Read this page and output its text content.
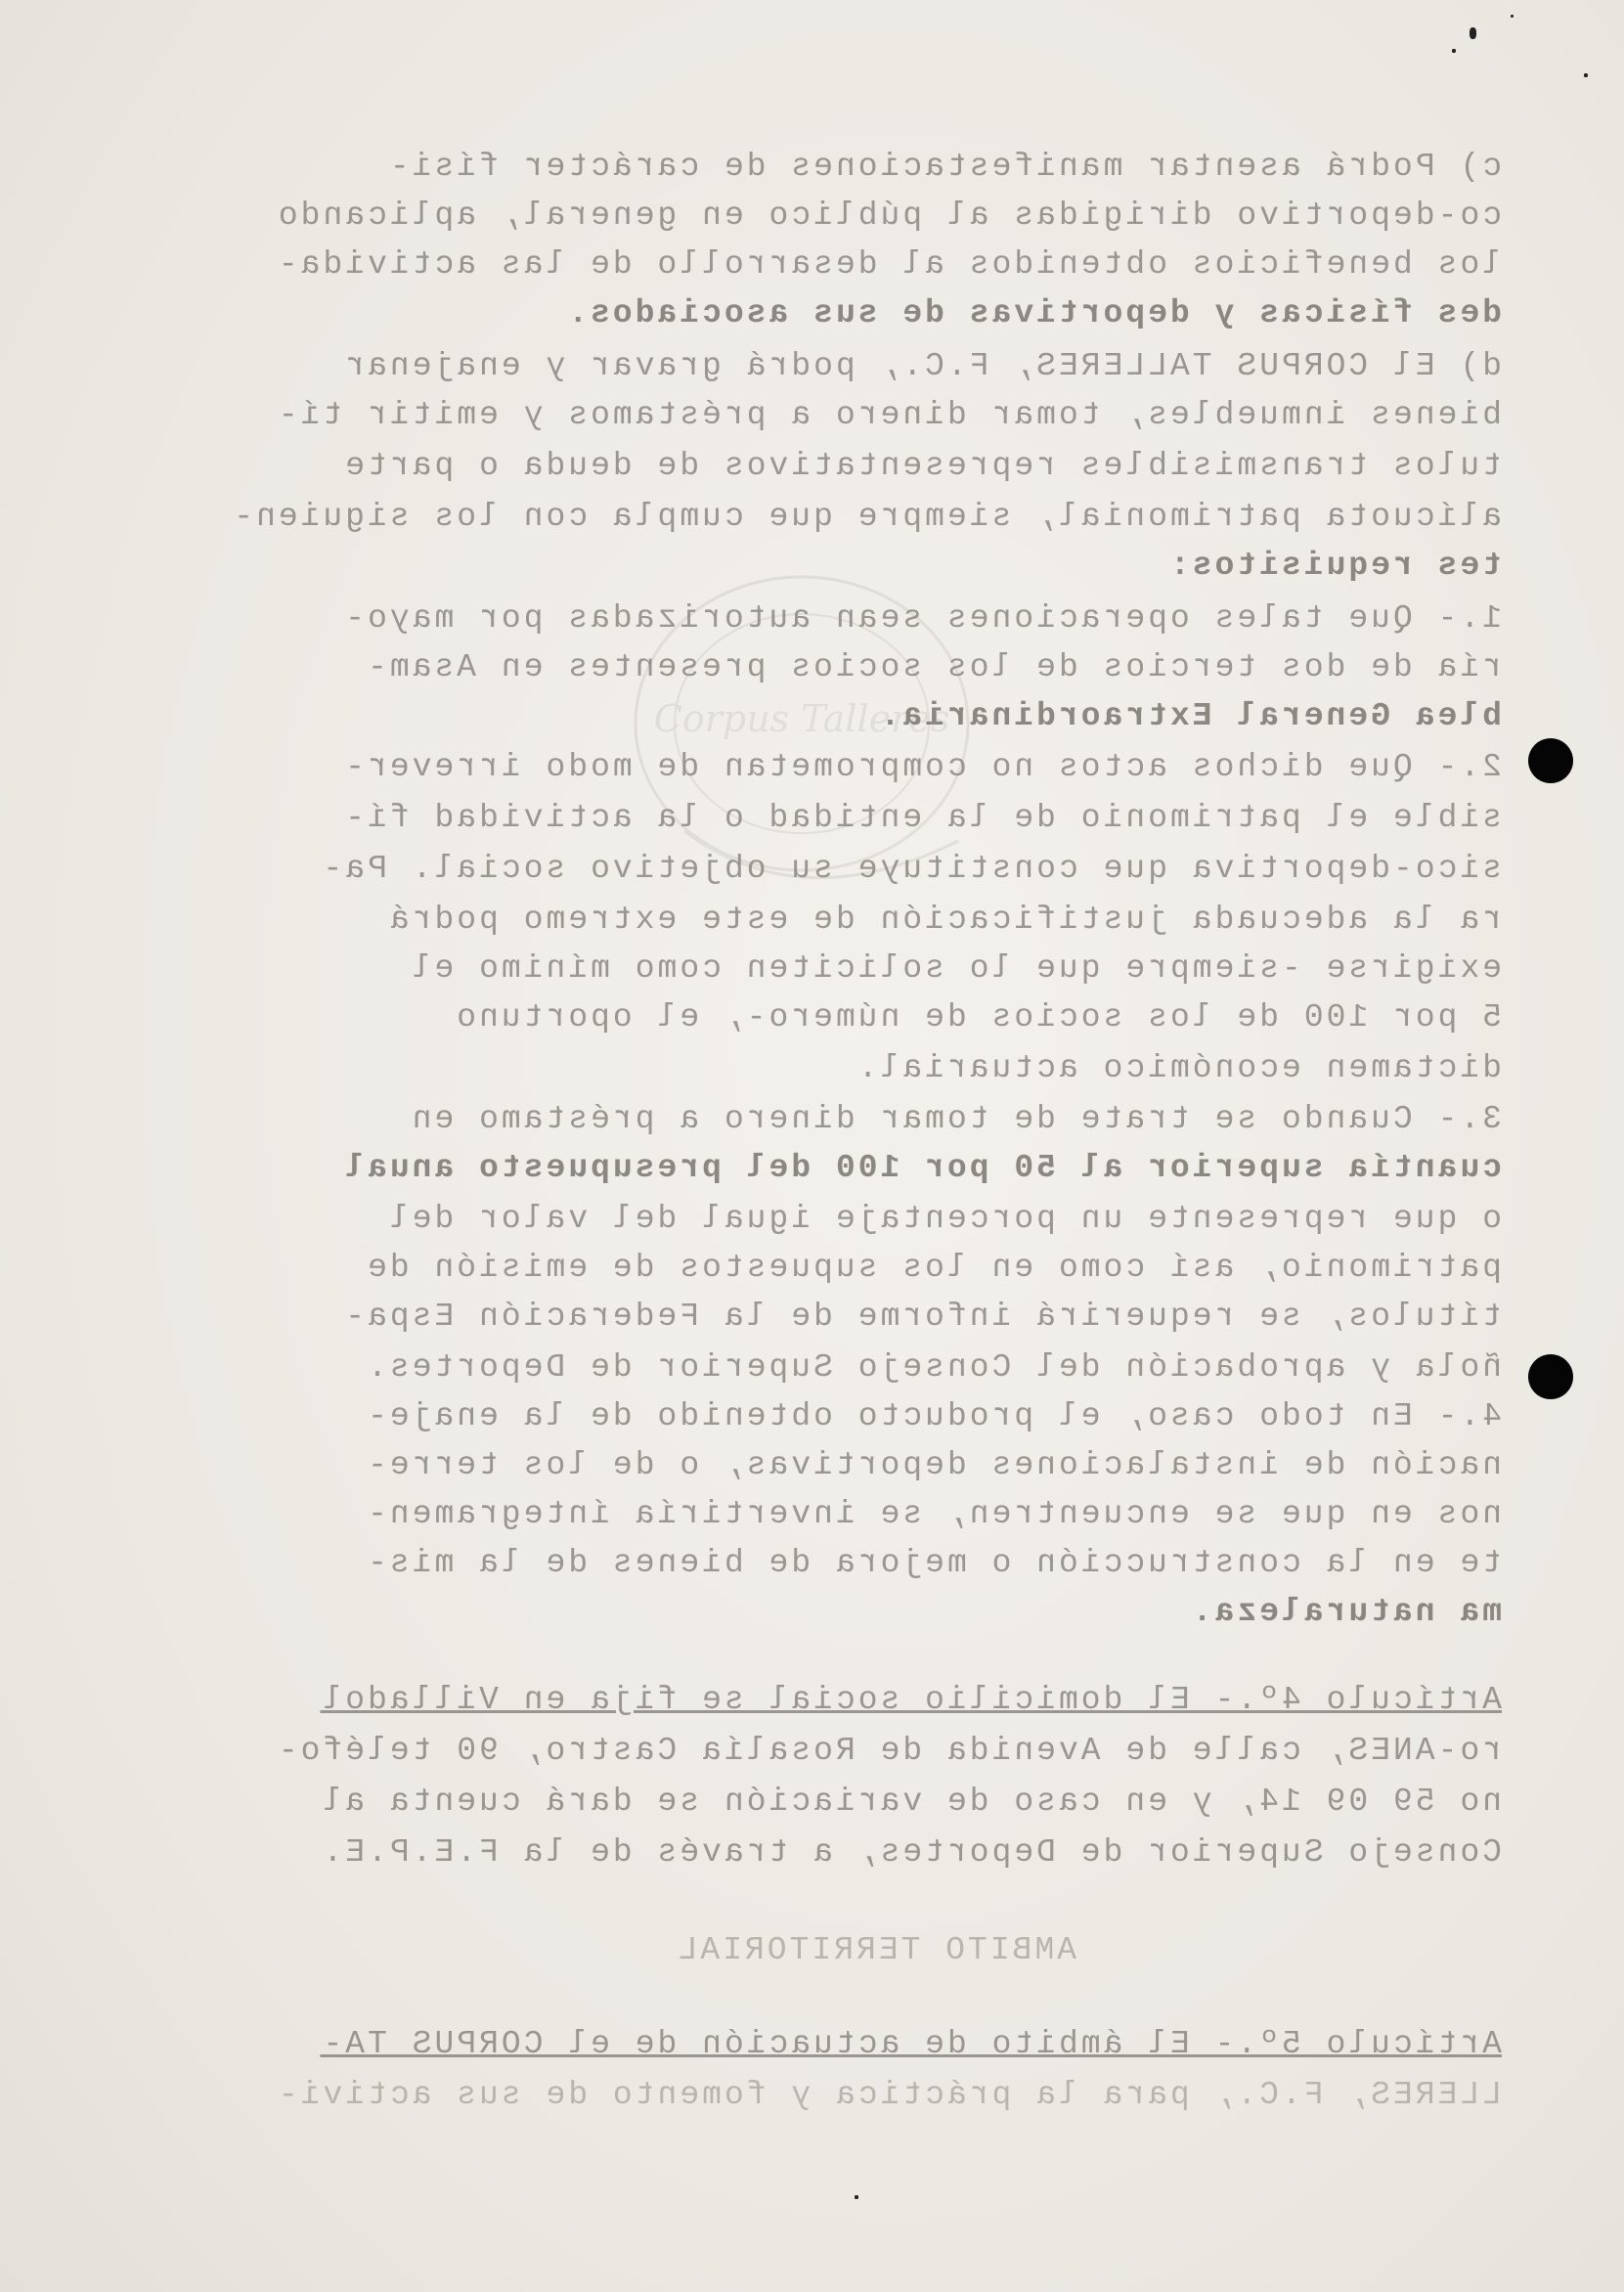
Corpus Talleres
c) Podrá asentar manifestaciones de carácter físi-
co-deportivo dirigidas al público en general, aplicando
los beneficios obtenidos al desarrollo de las activida-
des físicas y deportivas de sus asociados.
d) El CORPUS TALLERES, F.C., podrá gravar y enajenar
bienes inmuebles, tomar dinero a préstamos y emitir tí-
tulos transmisibles representativos de deuda o parte
alícuota patrimonial, siempre que cumpla con los siguien-
tes requisitos:
1.- Que tales operaciones sean autorizadas por mayo-
ría de dos tercios de los socios presentes en Asam-
blea General Extraordinaria.
2.- Que dichos actos no comprometan de modo irrever-
sible el patrimonio de la entidad o la actividad fí-
sico-deportiva que constituye su objetivo social. Pa-
ra la adecuada justificación de este extremo podrá
exigirse -siempre que lo soliciten como mínimo el
5 por 100 de los socios de número-, el oportuno
dictamen económico actuarial.
3.- Cuando se trate de tomar dinero a préstamo en
cuantía superior al 50 por 100 del presupuesto anual
o que represente un porcentaje igual del valor del
patrimonio, así como en los supuestos de emisión de
títulos, se requerirá informe de la Federación Espa-
ñola y aprobación del Consejo Superior de Deportes.
4.- En todo caso, el producto obtenido de la enaje-
nación de instalaciones deportivas, o de los terre-
nos en que se encuentren, se invertiría íntegramen-
te en la construcción o mejora de bienes de la mis-
ma naturaleza.
Artículo 4º.- El domicilio social se fija en Villadol
ro-ANES, calle de Avenida de Rosalía Castro, 90 teléfo-
no 59 09 14, y en caso de variación se dará cuenta al
Consejo Superior de Deportes, a través de la F.E.P.E.
AMBITO TERRITORIAL
Artículo 5º.- El ámbito de actuación de el CORPUS TA-
LLERES, F.C., para la práctica y fomento de sus activi-
